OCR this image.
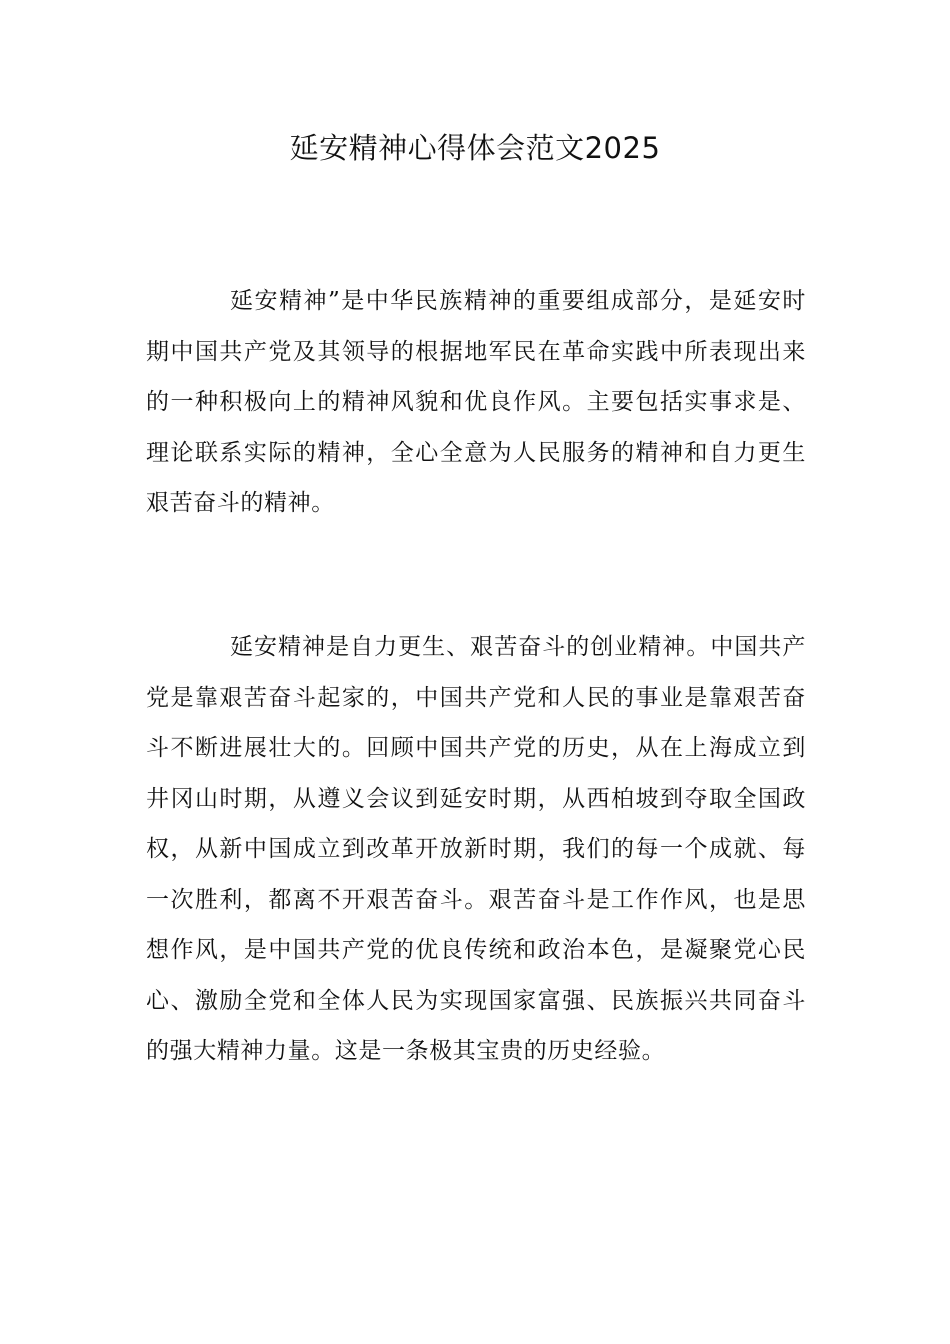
延安精神心得体会范文2025

延安精神”是中华民族精神的重要组成部分，是延安时期中国共产党及其领导的根据地军民在革命实践中所表现出来的一种积极向上的精神风貌和优良作风。主要包括实事求是、理论联系实际的精神，全心全意为人民服务的精神和自力更生艰苦奋斗的精神。

延安精神是自力更生、艰苦奋斗的创业精神。中国共产党是靠艰苦奋斗起家的，中国共产党和人民的事业是靠艰苦奋斗不断进展壮大的。回顾中国共产党的历史，从在上海成立到井冈山时期，从遵义会议到延安时期，从西柏坡到夺取全国政权，从新中国成立到改革开放新时期，我们的每一个成就、每一次胜利，都离不开艰苦奋斗。艰苦奋斗是工作作风，也是思想作风，是中国共产党的优良传统和政治本色，是凝聚党心民心、激励全党和全体人民为实现国家富强、民族振兴共同奋斗的强大精神力量。这是一条极其宝贵的历史经验。
